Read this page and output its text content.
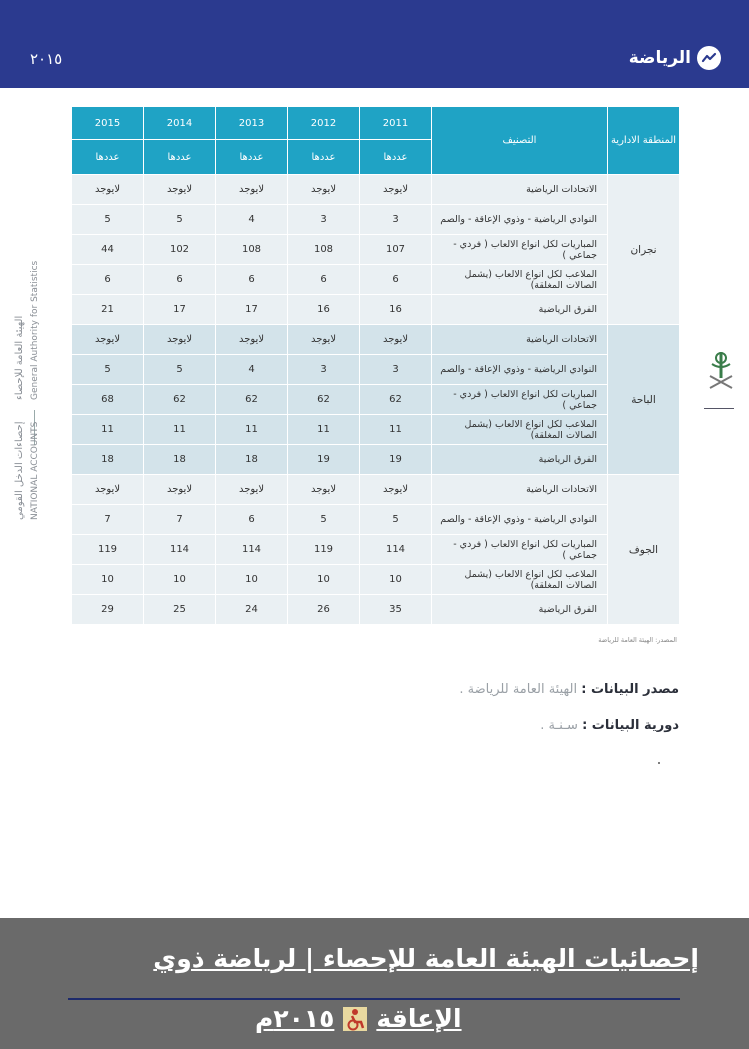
الرياضة
٢٠١٥
الهيئة العامة للإحصاء General Authority for Statistics
إحصاءات الدخل القومي NATIONAL ACCOUNTS
2015	2014	2013	2012	2011	التصنيف	المنطقة الادارية
عددها	عددها	عددها	عددها	عددها		
لايوجد	لايوجد	لايوجد	لايوجد	لايوجد	الاتحادات الرياضية	نجران
5	5	4	3	3	النوادي الرياضية - وذوي الإعاقة - والصم	
44	102	108	108	107	المباريات لكل انواع الالعاب ( فردي - جماعي )	
6	6	6	6	6	الملاعب لكل انواع الالعاب (يشمل الصالات المغلقة)	
21	17	17	16	16	الفرق الرياضية	
لايوجد	لايوجد	لايوجد	لايوجد	لايوجد	الاتحادات الرياضية	الباحة
5	5	4	3	3	النوادي الرياضية - وذوي الإعاقة - والصم	
68	62	62	62	62	المباريات لكل انواع الالعاب ( فردي - جماعي )	
11	11	11	11	11	الملاعب لكل انواع الالعاب (يشمل الصالات المغلقة)	
18	18	18	19	19	الفرق الرياضية	
لايوجد	لايوجد	لايوجد	لايوجد	لايوجد	الاتحادات الرياضية	الجوف
7	7	6	5	5	النوادي الرياضية - وذوي الإعاقة - والصم	
119	114	114	119	114	المباريات لكل انواع الالعاب ( فردي - جماعي )	
10	10	10	10	10	الملاعب لكل انواع الالعاب (يشمل الصالات المغلقة)	
29	25	24	26	35	الفرق الرياضية	
المصدر: الهيئة العامة للرياضة
مصدر البيانات : الهيئة العامة للرياضة .
دورية البيانات : سـنـة .
إحصائيات الهيئة العامة للإحصاء | لرياضة ذوي
الإعاقة
٢٠١٥م
